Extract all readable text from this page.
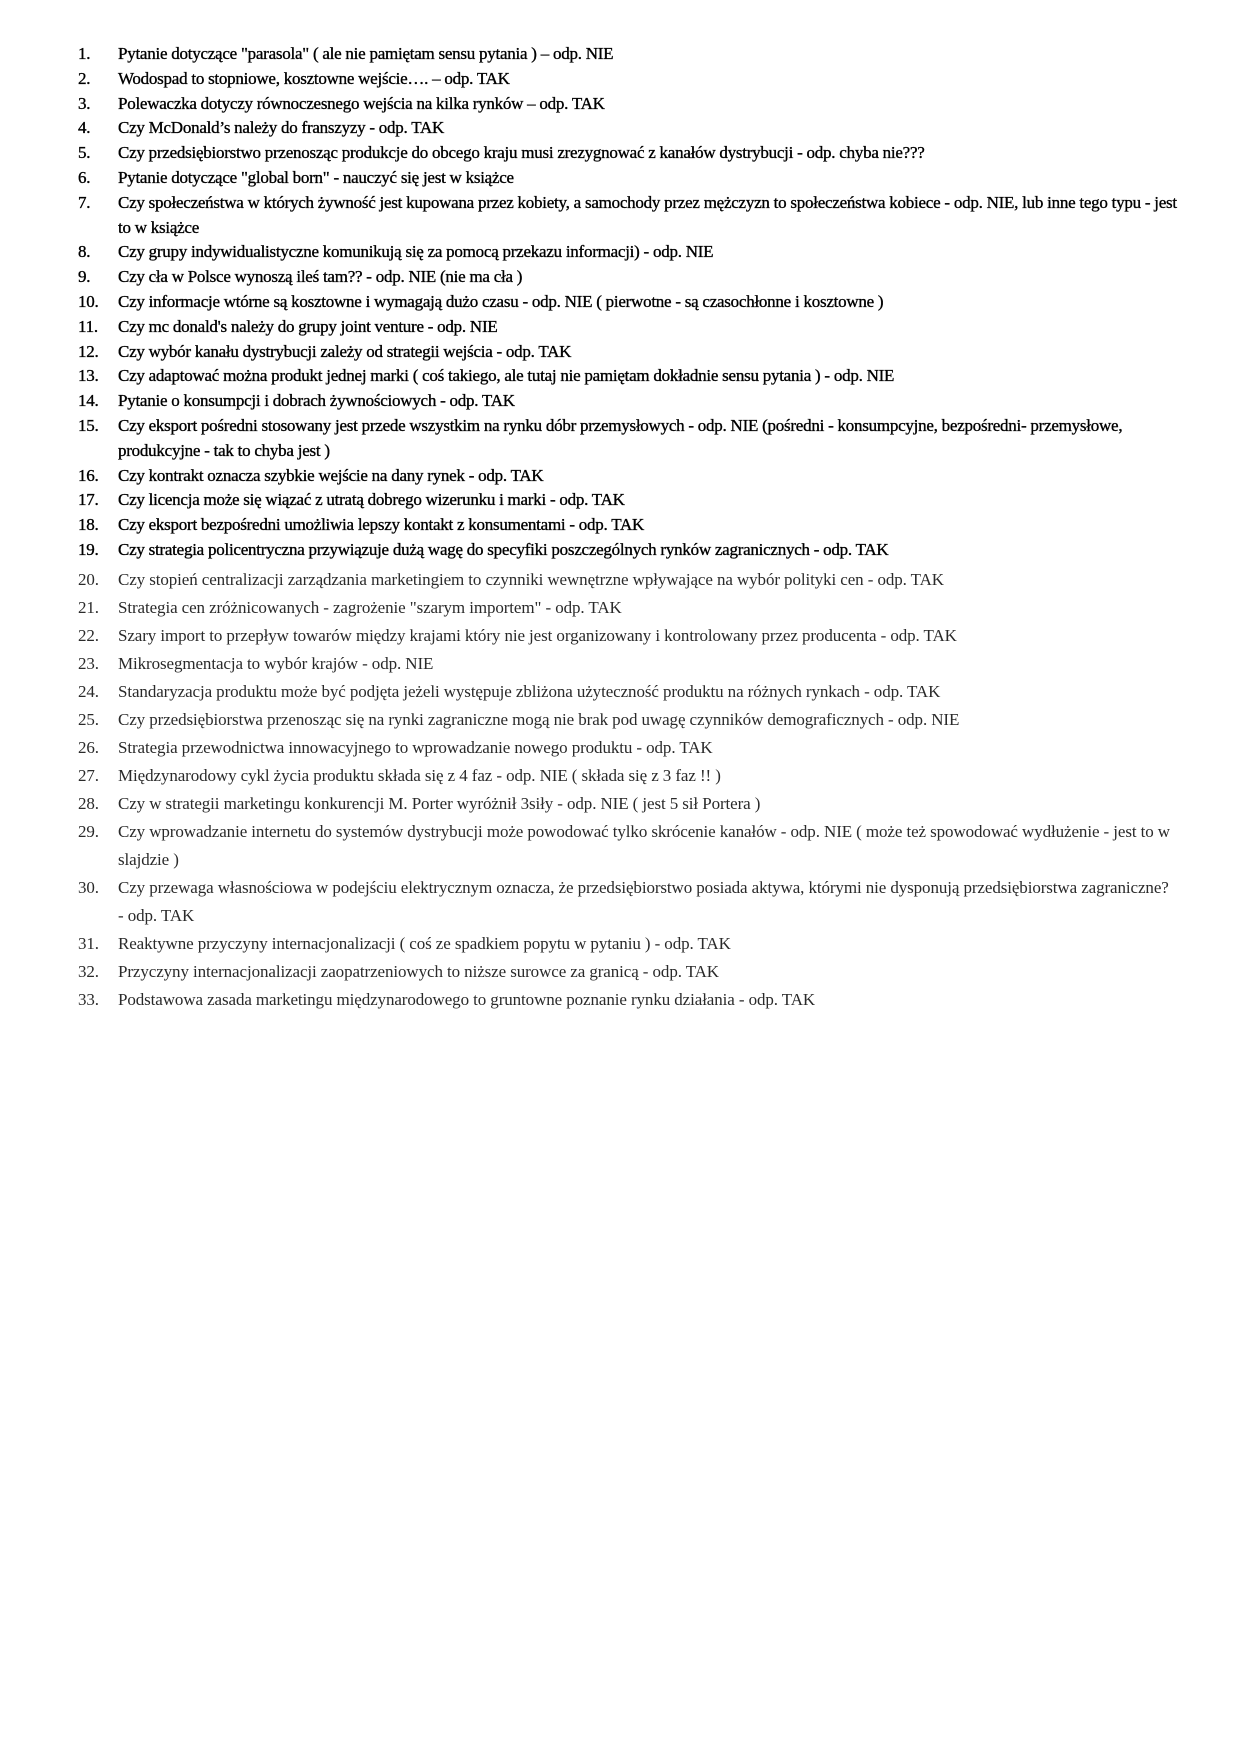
1.	Pytanie dotyczące "parasola" ( ale nie pamiętam sensu pytania ) – odp. NIE
2.	Wodospad to stopniowe, kosztowne wejście…. – odp. TAK
3.	Polewaczka dotyczy równoczesnego wejścia na kilka rynków – odp. TAK
4.	Czy McDonald’s należy do franszyzy - odp. TAK
5.	Czy przedsiębiorstwo przenosząc produkcje do obcego kraju musi zrezygnować z kanałów dystrybucji - odp. chyba nie???
6.	Pytanie dotyczące "global born" - nauczyć się jest w książce
7.	Czy społeczeństwa w których żywność jest kupowana przez kobiety, a samochody przez mężczyzn to społeczeństwa kobiece - odp. NIE, lub inne tego typu - jest to w książce
8.	Czy grupy indywidualistyczne komunikują się za pomocą przekazu informacji) - odp. NIE
9.	Czy cła w Polsce wynoszą ileś tam?? - odp. NIE (nie ma cła )
10.	Czy informacje wtórne są kosztowne i wymagają dużo czasu - odp. NIE ( pierwotne - są czasochłonne i kosztowne )
11.	Czy mc donald's należy do grupy joint venture - odp. NIE
12.	Czy wybór kanału dystrybucji zależy od strategii wejścia - odp. TAK
13.	Czy adaptować można produkt jednej marki ( coś takiego, ale tutaj nie pamiętam dokładnie sensu pytania ) - odp. NIE
14.	Pytanie o konsumpcji i dobrach żywnościowych - odp. TAK
15.	Czy eksport pośredni stosowany jest przede wszystkim na rynku dóbr przemysłowych - odp. NIE (pośredni - konsumpcyjne, bezpośredni- przemysłowe, produkcyjne - tak to chyba jest )
16.	Czy kontrakt oznacza szybkie wejście na dany rynek - odp. TAK
17.	Czy licencja może się wiązać z utratą dobrego wizerunku i marki - odp. TAK
18.	Czy eksport bezpośredni umożliwia lepszy kontakt z konsumentami - odp. TAK
19.	Czy strategia policentryczna przywiązuje dużą wagę do specyfiki poszczególnych rynków zagranicznych - odp. TAK
20.	Czy stopień centralizacji zarządzania marketingiem to czynniki wewnętrzne wpływające na wybór polityki cen - odp. TAK
21.	Strategia cen zróżnicowanych - zagrożenie "szarym importem" - odp. TAK
22.	Szary import to przepływ towarów między krajami który nie jest organizowany i kontrolowany przez producenta - odp. TAK
23.	Mikrosegmentacja to wybór krajów - odp. NIE
24.	Standaryzacja produktu może być podjęta jeżeli występuje zbliżona użyteczność produktu na różnych rynkach - odp. TAK
25.	Czy przedsiębiorstwa przenosząc się na rynki zagraniczne mogą nie brak pod uwagę czynników demograficznych - odp. NIE
26.	Strategia przewodnictwa innowacyjnego to wprowadzanie nowego produktu - odp. TAK
27.	Międzynarodowy cykl życia produktu składa się z 4 faz - odp. NIE ( składa się z 3 faz !! )
28.	Czy w strategii marketingu konkurencji M. Porter wyróżnił 3siły - odp. NIE ( jest 5 sił Portera )
29.	Czy wprowadzanie internetu do systemów dystrybucji może powodować tylko skrócenie kanałów - odp. NIE ( może też spowodować wydłużenie - jest to w slajdzie )
30.	Czy przewaga własnościowa w podejściu elektrycznym oznacza, że przedsiębiorstwo posiada aktywa, którymi nie dysponują przedsiębiorstwa zagraniczne? - odp. TAK
31.	Reaktywne przyczyny internacjonalizacji ( coś ze spadkiem popytu w pytaniu ) - odp. TAK
32.	Przyczyny internacjonalizacji zaopatrzeniowych to niższe surowce za granicą - odp. TAK
33.	Podstawowa zasada marketingu międzynarodowego to gruntowne poznanie rynku działania - odp. TAK
